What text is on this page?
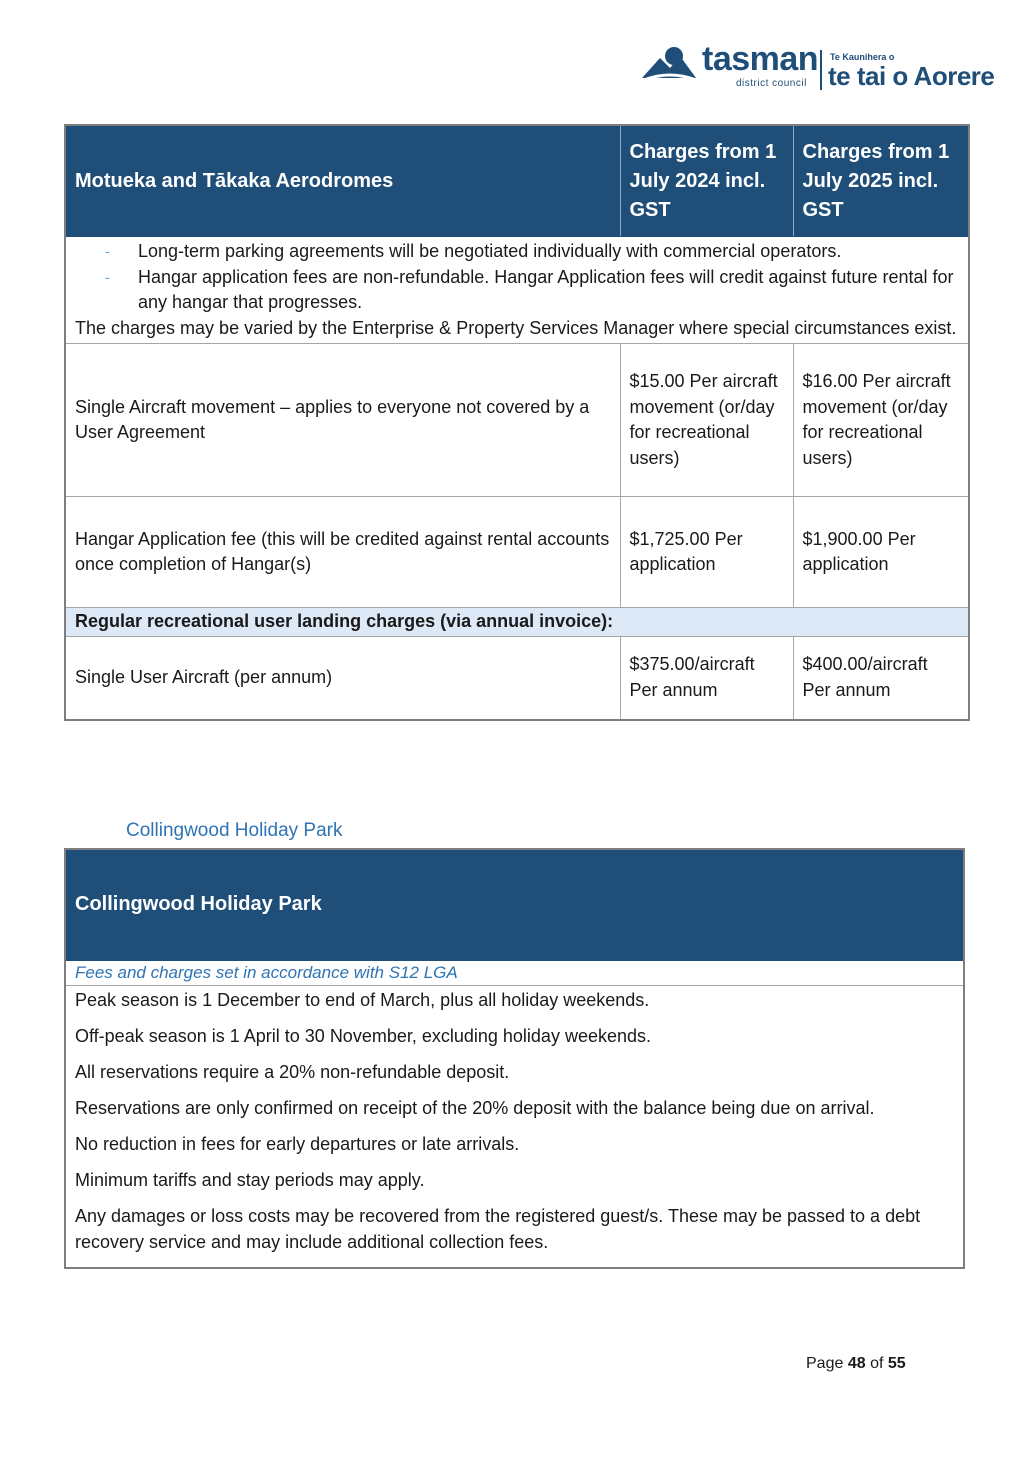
tasman
district council
Te Kaunihera o
te tai o Aorere
Motueka and Tākaka Aerodromes	Charges from 1 July 2024 incl. GST	Charges from 1 July 2025 incl. GST

- Long-term parking agreements will be negotiated individually with commercial operators.
- Hangar application fees are non-refundable. Hangar Application fees will credit against future rental for any hangar that progresses.
The charges may be varied by the Enterprise & Property Services Manager where special circumstances exist.		

Single Aircraft movement – applies to everyone not covered by a User Agreement	$15.00 Per aircraft movement (or/day for recreational users)	$16.00 Per aircraft movement (or/day for recreational users)
Hangar Application fee (this will be credited against rental accounts once completion of Hangar(s)	$1,725.00 Per application	$1,900.00 Per application
Regular recreational user landing charges (via annual invoice):		
Single User Aircraft (per annum)	$375.00/aircraft Per annum	$400.00/aircraft Per annum
Collingwood Holiday Park
Collingwood Holiday Park
Fees and charges set in accordance with S12 LGA

Peak season is 1 December to end of March, plus all holiday weekends.

Off-peak season is 1 April to 30 November, excluding holiday weekends.

All reservations require a 20% non-refundable deposit.

Reservations are only confirmed on receipt of the 20% deposit with the balance being due on arrival.

No reduction in fees for early departures or late arrivals.

Minimum tariffs and stay periods may apply.

Any damages or loss costs may be recovered from the registered guest/s. These may be passed to a debt recovery service and may include additional collection fees.

Page 48 of 55
